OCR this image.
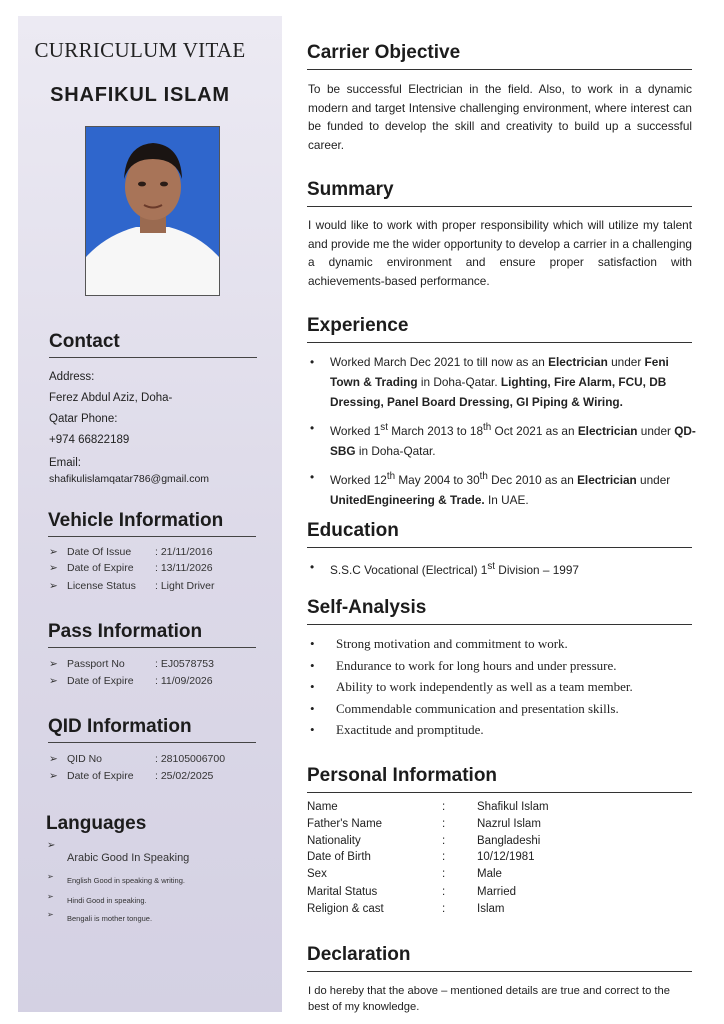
CURRICULUM VITAE
SHAFIKUL ISLAM
Contact
Address:
Ferez Abdul Aziz, Doha-
Qatar Phone:
+974 66822189
Email:
shafikulislamqatar786@gmail.com
Vehicle Information
➢ Date Of Issue : 21/11/2016
➢ Date of Expire : 13/11/2026
➢ License Status : Light Driver
Pass Information
➢ Passport No	: EJ0578753
➢ Date of Expire : 11/09/2026
QID Information
➢ QID No	: 28105006700
➢ Date of Expire : 25/02/2025
➢
Arabic Good In Speaking
➢ English Good in speaking & writing.
➢ Hindi Good in speaking.
➢ Bengali is mother tongue.
Carrier Objective
To be successful Electrician in the field. Also, to work in a dynamic modern and target Intensive challenging environment, where interest can be funded to develop the skill and creativity to build up a successful career.
Summary
I would like to work with proper responsibility which will utilize my talent and provide me the wider opportunity to develop a carrier in a challenging a dynamic environment and ensure proper satisfaction with achievements-based performance.
Experience
• Worked March Dec 2021 to till now as an Electrician under Feni Town & Trading in Doha-Qatar. Lighting, Fire Alarm, FCU, DB Dressing, Panel Board Dressing, GI Piping & Wiring.
• Worked 1st March 2013 to 18th Oct 2021 as an Electrician under QD- SBG in Doha-Qatar.
• Worked 12th May 2004 to 30th Dec 2010 as an Electrician under UnitedEngineering & Trade. In UAE.
Education
• S.S.C Vocational (Electrical) 1st Division – 1997
Self-Analysis
• Strong motivation and commitment to work.
• Endurance to work for long hours and under pressure.
• Ability to work independently as well as a team member.
• Commendable communication and presentation skills.
• Exactitude and promptitude.
Personal Information
Name	:	Shafikul Islam
Father's Name	:	Nazrul Islam
Nationality	:	Bangladeshi
Date of Birth	:	10/12/1981
Sex	:	Male
Marital Status	:	Married
Religion & cast	:	Islam
Declaration
I do hereby that the above – mentioned details are true and correct to the best of my knowledge.
